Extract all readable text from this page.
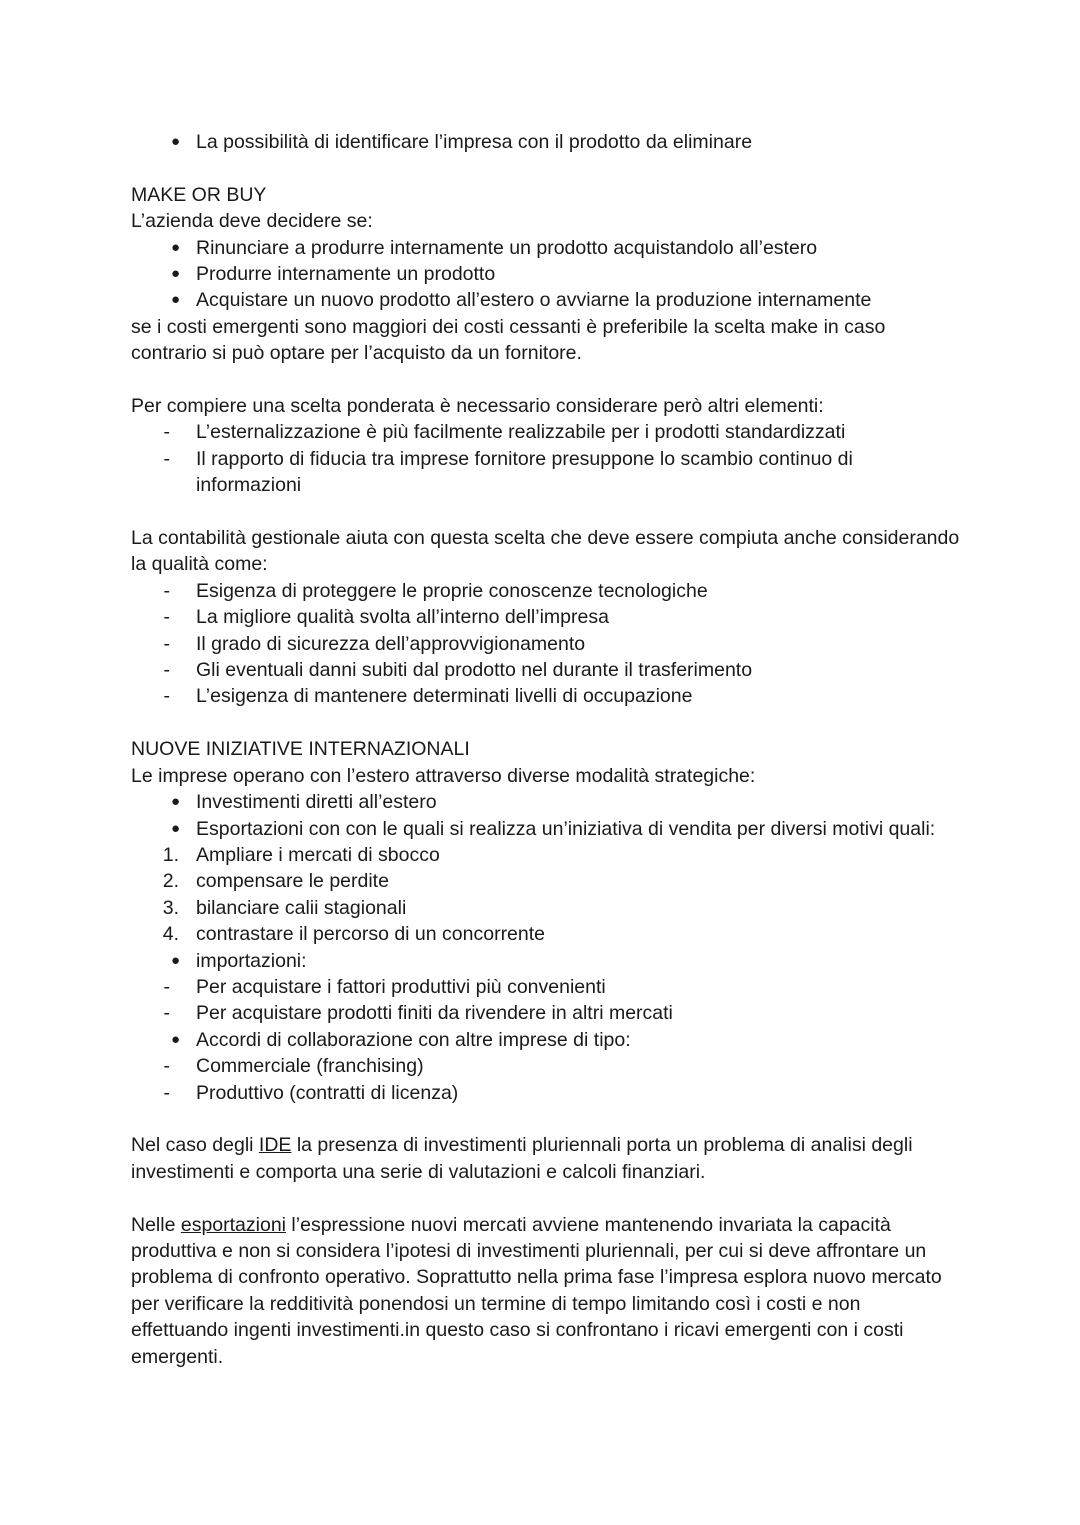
● La possibilità di identificare l’impresa con il prodotto da eliminare

MAKE OR BUY

L’azienda deve decidere se:

● Rinunciare a produrre internamente un prodotto acquistandolo all’estero
● Produrre internamente un prodotto
● Acquistare un nuovo prodotto all’estero o avviarne la produzione internamente

se i costi emergenti sono maggiori dei costi cessanti è preferibile la scelta make in caso contrario si può optare per l’acquisto da un fornitore.

Per compiere una scelta ponderata è necessario considerare però altri elementi:

- L’esternalizzazione è più facilmente realizzabile per i prodotti standardizzati
- Il rapporto di fiducia tra imprese fornitore presuppone lo scambio continuo di informazioni

La contabilità gestionale aiuta con questa scelta che deve essere compiuta anche considerando la qualità come:

- Esigenza di proteggere le proprie conoscenze tecnologiche
- La migliore qualità svolta all’interno dell’impresa
- Il grado di sicurezza dell’approvvigionamento
- Gli eventuali danni subiti dal prodotto nel durante il trasferimento
- L’esigenza di mantenere determinati livelli di occupazione

NUOVE INIZIATIVE INTERNAZIONALI

Le imprese operano con l’estero attraverso diverse modalità strategiche:

● Investimenti diretti all’estero
● Esportazioni con con le quali si realizza un’iniziativa di vendita per diversi motivi quali:
1. Ampliare i mercati di sbocco
2. compensare le perdite
3. bilanciare calii stagionali
4. contrastare il percorso di un concorrente
● importazioni:
- Per acquistare i fattori produttivi più convenienti
- Per acquistare prodotti finiti da rivendere in altri mercati
● Accordi di collaborazione con altre imprese di tipo:
- Commerciale (franchising)
- Produttivo (contratti di licenza)

Nel caso degli IDE la presenza di investimenti pluriennali porta un problema di analisi degli investimenti e comporta una serie di valutazioni e calcoli finanziari.

Nelle esportazioni l’espressione nuovi mercati avviene mantenendo invariata la capacità produttiva e non si considera l’ipotesi di investimenti pluriennali, per cui si deve affrontare un problema di confronto operativo. Soprattutto nella prima fase l’impresa esplora nuovo mercato per verificare la redditività ponendosi un termine di tempo limitando così i costi e non effettuando ingenti investimenti.in questo caso si confrontano i ricavi emergenti con i costi emergenti.
